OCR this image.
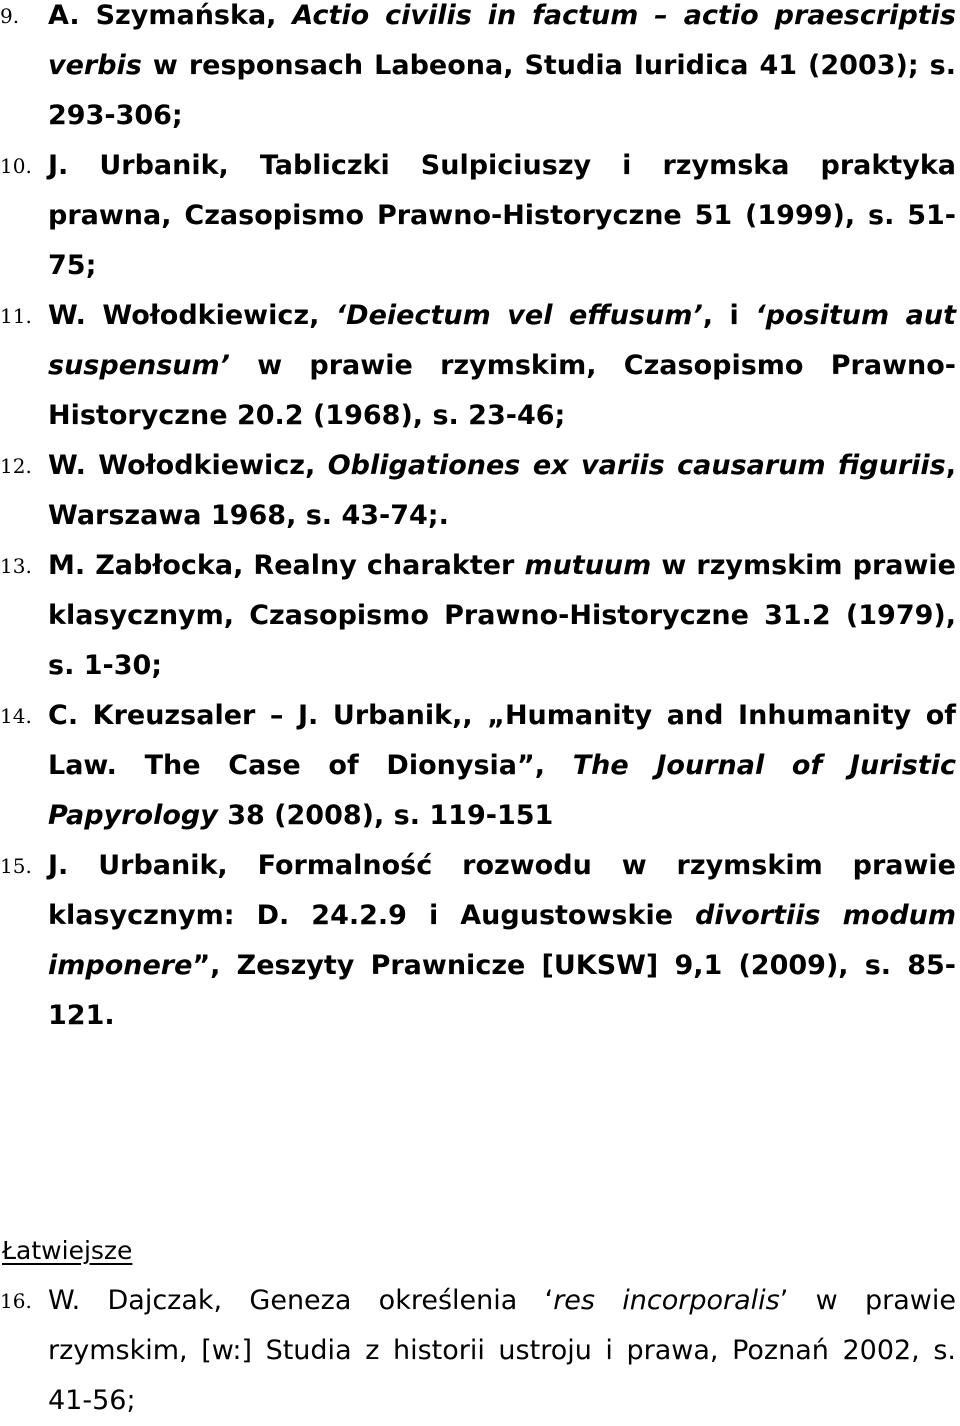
9. A. Szymańska, Actio civilis in factum – actio praescriptis verbis w responsach Labeona, Studia Iuridica 41 (2003); s. 293-306;
10. J. Urbanik, Tabliczki Sulpiciuszy i rzymska praktyka prawna, Czasopismo Prawno-Historyczne 51 (1999), s. 51-75;
11. W. Wołodkiewicz, ‘Deiectum vel effusum’, i ‘positum aut suspensum’ w prawie rzymskim, Czasopismo Prawno-Historyczne 20.2 (1968), s. 23-46;
12. W. Wołodkiewicz, Obligationes ex variis causarum figuriis, Warszawa 1968, s. 43-74;.
13. M. Zabłocka, Realny charakter mutuum w rzymskim prawie klasycznym, Czasopismo Prawno-Historyczne 31.2 (1979), s. 1-30;
14. C. Kreuzsaler – J. Urbanik,, „Humanity and Inhumanity of Law. The Case of Dionysia”, The Journal of Juristic Papyrology 38 (2008), s. 119-151
15. J. Urbanik, Formalność rozwodu w rzymskim prawie klasycznym: D. 24.2.9 i Augustowskie divortiis modum imponere”, Zeszyty Prawnicze [UKSW] 9,1 (2009), s. 85-121.
Łatwiejsze
16. W. Dajczak, Geneza określenia ‘res incorporalis’ w prawie rzymskim, [w:] Studia z historii ustroju i prawa, Poznań 2002, s. 41-56;
